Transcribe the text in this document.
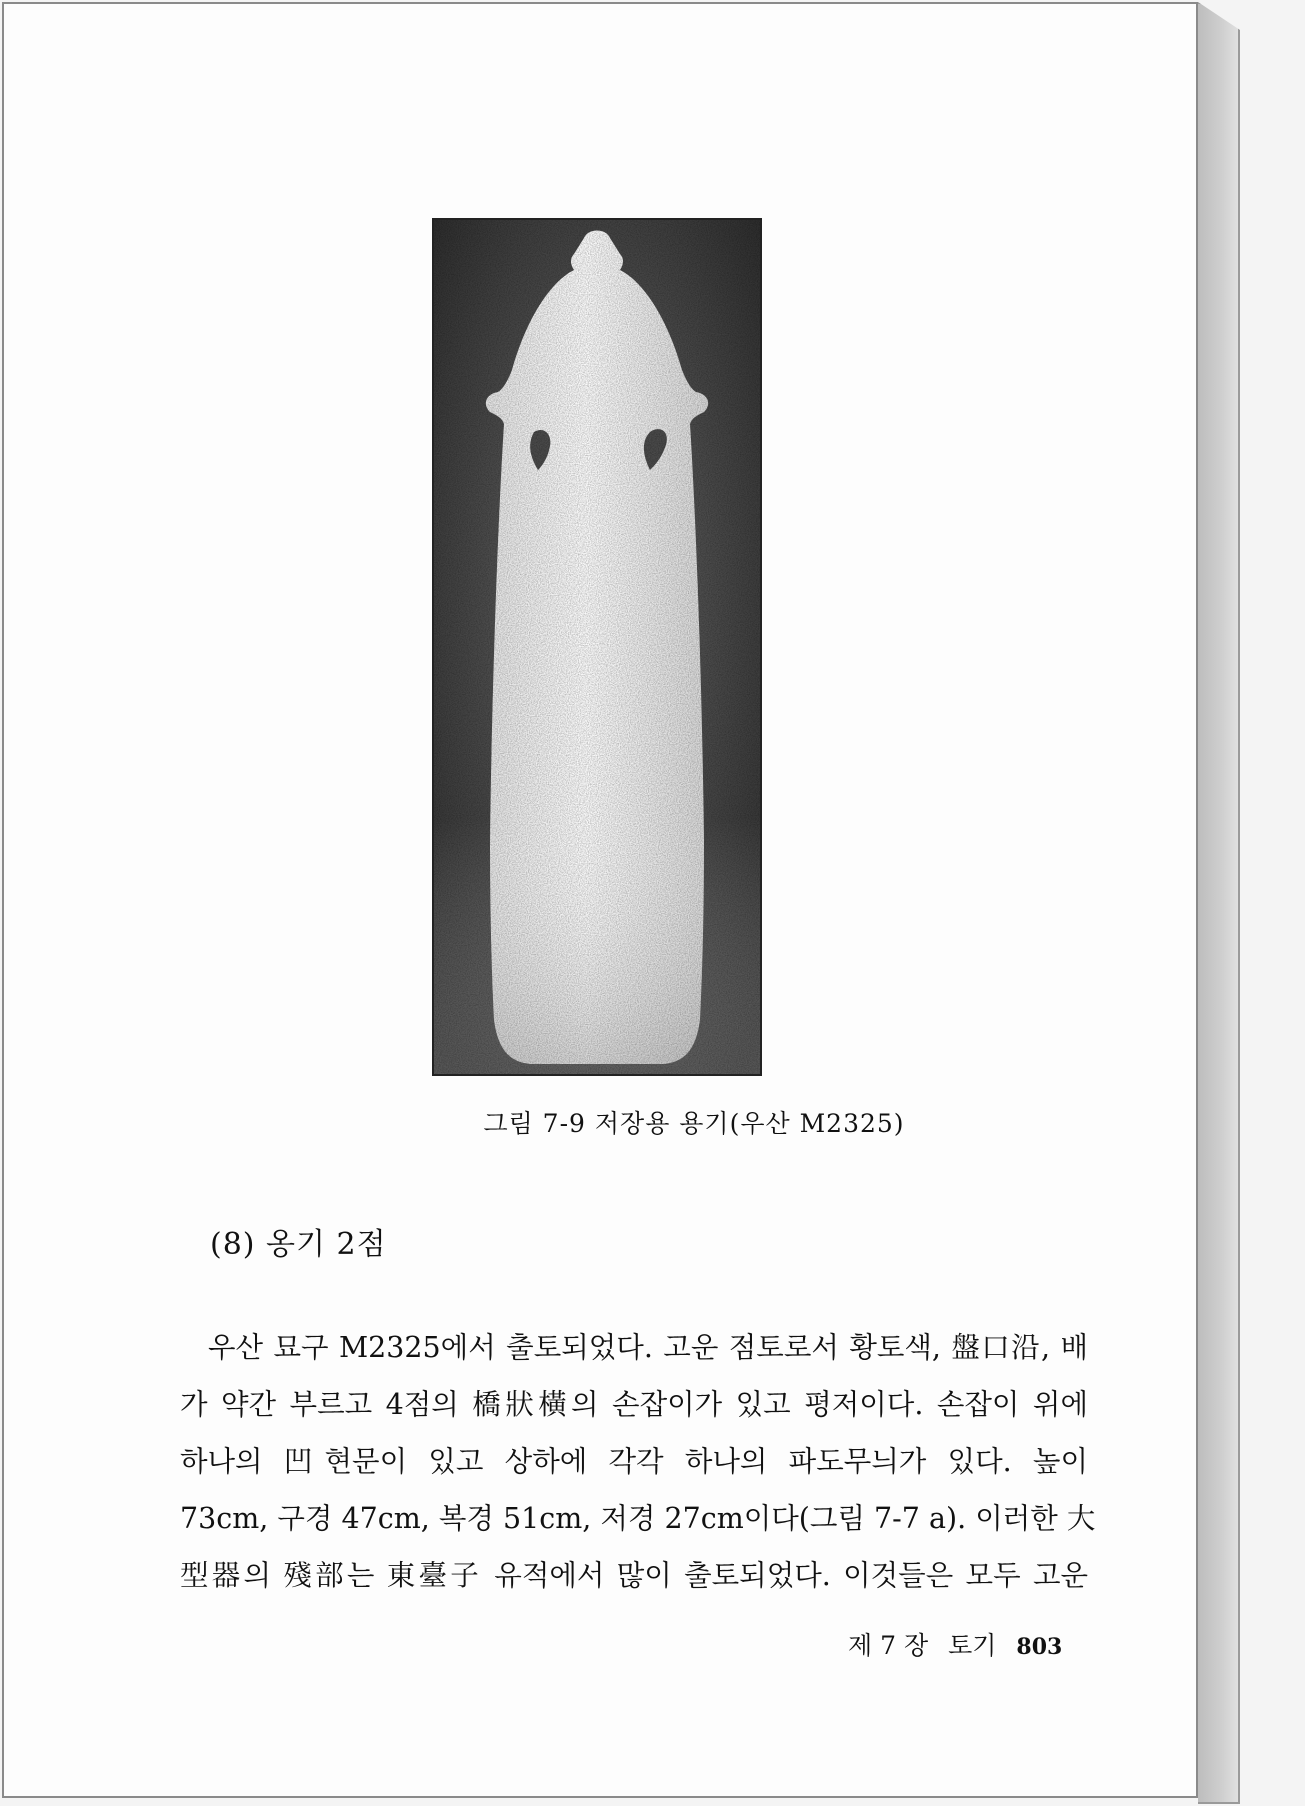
그림 7-9 저장용 용기(우산 M2325)
(8) 옹기 2점
우산 묘구 M2325에서 출토되었다. 고운 점토로서 황토색, 盤口沿, 배
가 약간 부르고 4점의 橋狀橫의 손잡이가 있고 평저이다. 손잡이 위에
하나의 凹현문이 있고 상하에 각각 하나의 파도무늬가 있다. 높이
73cm, 구경 47cm, 복경 51cm, 저경 27cm이다(그림 7-7 a). 이러한 大
型器의 殘部는 東臺子 유적에서 많이 출토되었다. 이것들은 모두 고운
제 7 장 토기 803
